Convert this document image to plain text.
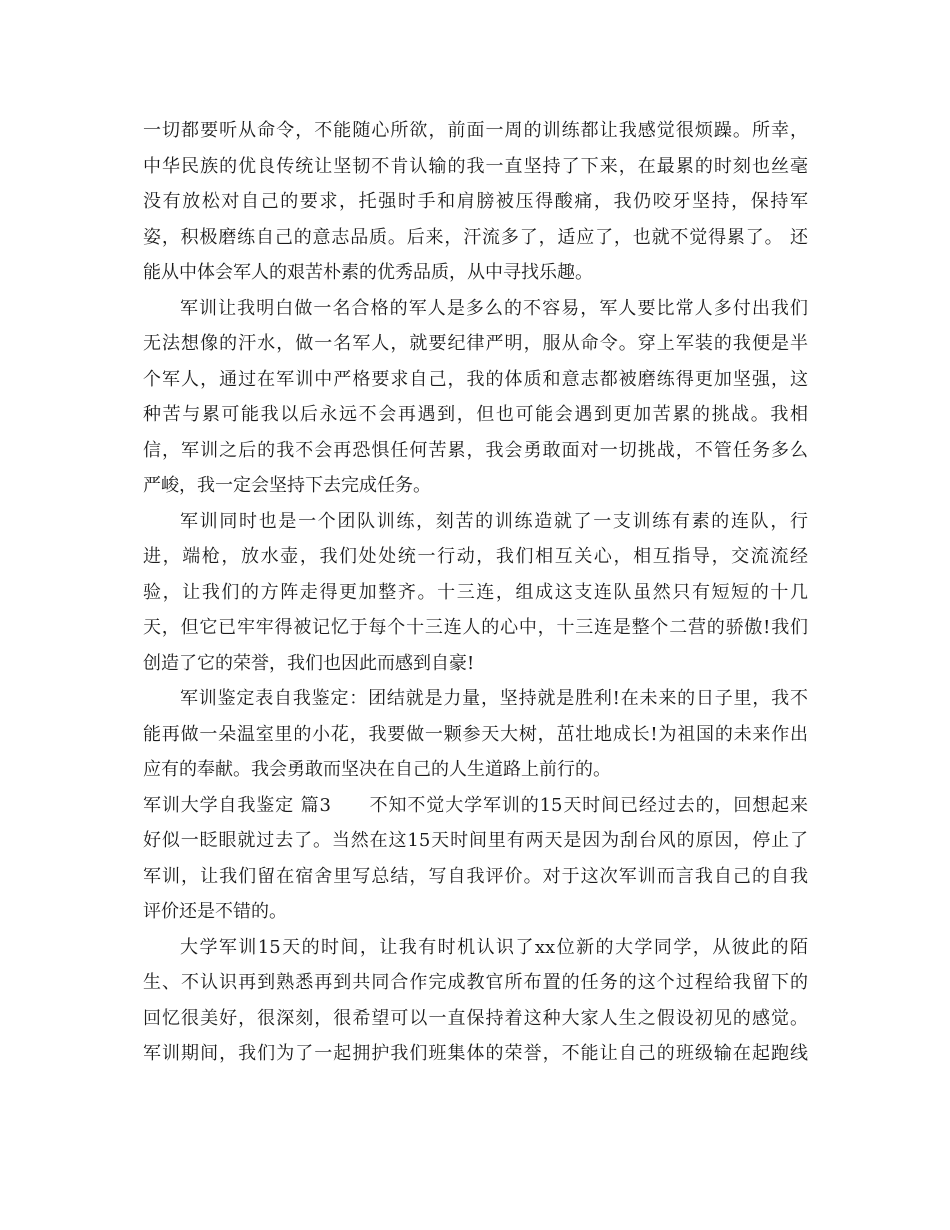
一切都要听从命令，不能随心所欲，前面一周的训练都让我感觉很烦躁。所幸，
中华民族的优良传统让坚韧不肯认输的我一直坚持了下来，在最累的时刻也丝毫
没有放松对自己的要求，托强时手和肩膀被压得酸痛，我仍咬牙坚持，保持军
姿，积极磨练自己的意志品质。后来，汗流多了，适应了，也就不觉得累了。 还
能从中体会军人的艰苦朴素的优秀品质，从中寻找乐趣。
军训让我明白做一名合格的军人是多么的不容易，军人要比常人多付出我们
无法想像的汗水，做一名军人，就要纪律严明，服从命令。穿上军装的我便是半
个军人，通过在军训中严格要求自己，我的体质和意志都被磨练得更加坚强，这
种苦与累可能我以后永远不会再遇到，但也可能会遇到更加苦累的挑战。我相
信，军训之后的我不会再恐惧任何苦累，我会勇敢面对一切挑战，不管任务多么
严峻，我一定会坚持下去完成任务。
军训同时也是一个团队训练，刻苦的训练造就了一支训练有素的连队，行
进，端枪，放水壶，我们处处统一行动，我们相互关心，相互指导，交流流经
验，让我们的方阵走得更加整齐。十三连，组成这支连队虽然只有短短的十几
天，但它已牢牢得被记忆于每个十三连人的心中，十三连是整个二营的骄傲!我们
创造了它的荣誉，我们也因此而感到自豪!
军训鉴定表自我鉴定：团结就是力量，坚持就是胜利!在未来的日子里，我不
能再做一朵温室里的小花，我要做一颗参天大树，茁壮地成长!为祖国的未来作出
应有的奉献。我会勇敢而坚决在自己的人生道路上前行的。
军训大学自我鉴定 篇3　　不知不觉大学军训的15天时间已经过去的，回想起来
好似一眨眼就过去了。当然在这15天时间里有两天是因为刮台风的原因，停止了
军训，让我们留在宿舍里写总结，写自我评价。对于这次军训而言我自己的自我
评价还是不错的。
大学军训15天的时间，让我有时机认识了xx位新的大学同学，从彼此的陌
生、不认识再到熟悉再到共同合作完成教官所布置的任务的这个过程给我留下的
回忆很美好，很深刻，很希望可以一直保持着这种大家人生之假设初见的感觉。
军训期间，我们为了一起拥护我们班集体的荣誉，不能让自己的班级输在起跑线
